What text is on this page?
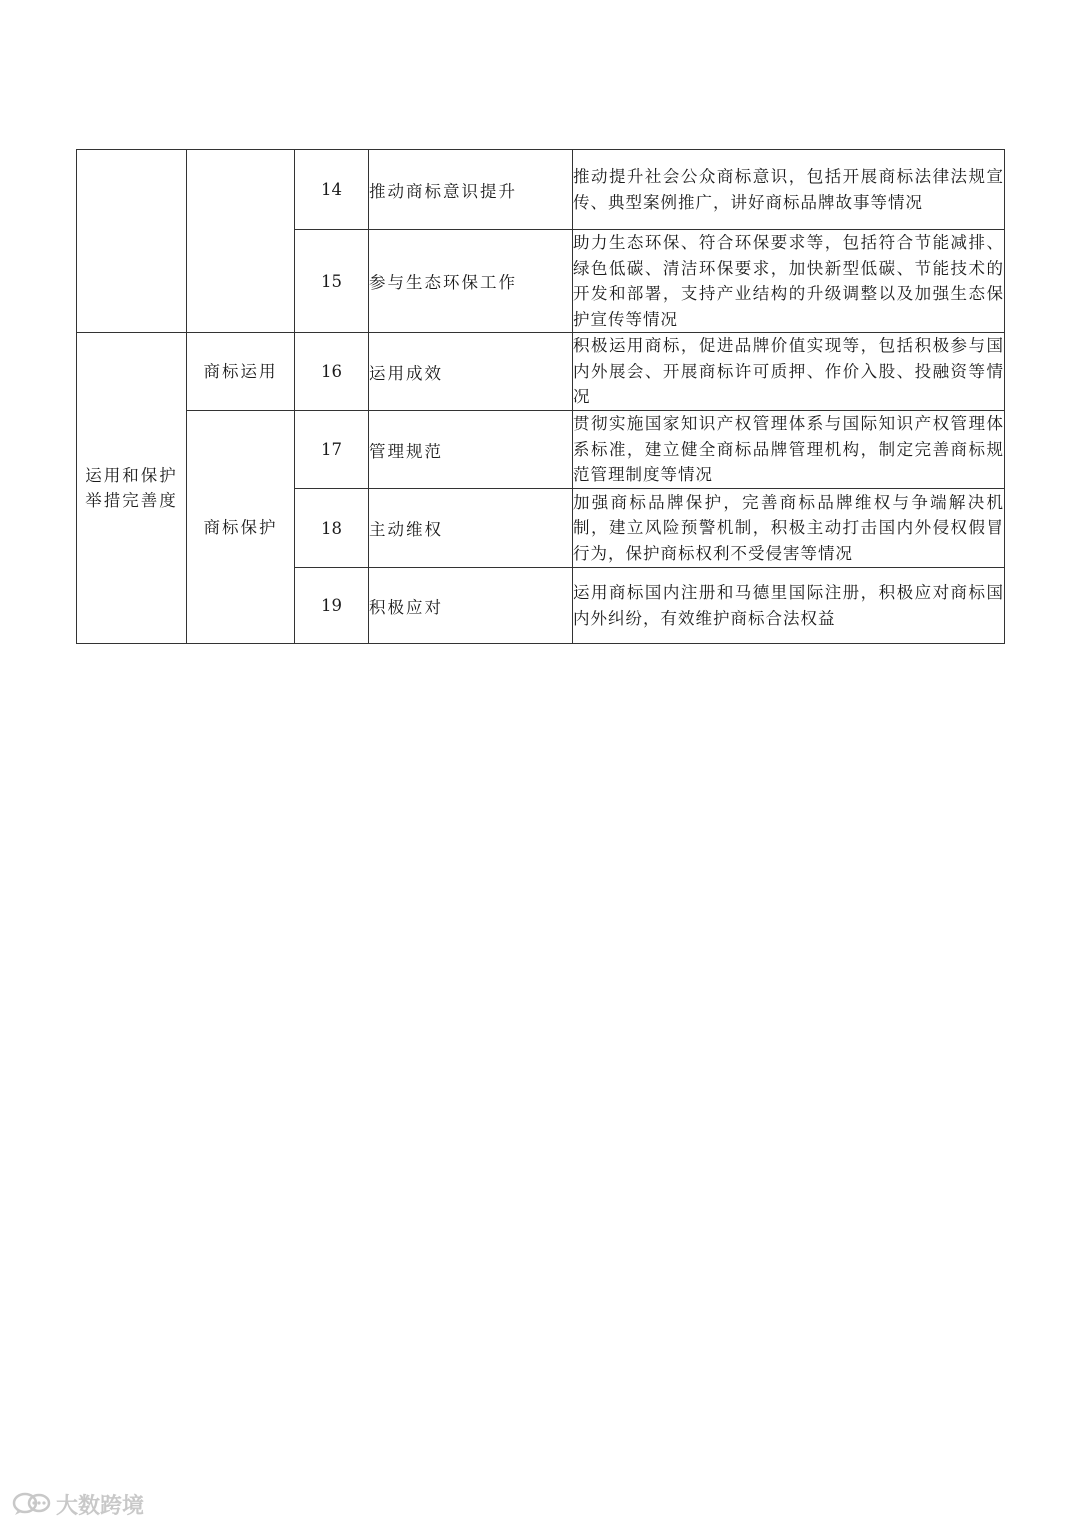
		14	推动商标意识提升	推动提升社会公众商标意识，包括开展商标法律法规宣传、典型案例推广，讲好商标品牌故事等情况
		15	参与生态环保工作	助力生态环保、符合环保要求等，包括符合节能减排、绿色低碳、清洁环保要求，加快新型低碳、节能技术的开发和部署，支持产业结构的升级调整以及加强生态保护宣传等情况
运用和保护举措完善度	商标运用	16	运用成效	积极运用商标，促进品牌价值实现等，包括积极参与国内外展会、开展商标许可质押、作价入股、投融资等情况
	商标保护	17	管理规范	贯彻实施国家知识产权管理体系与国际知识产权管理体系标准，建立健全商标品牌管理机构，制定完善商标规范管理制度等情况
		18	主动维权	加强商标品牌保护，完善商标品牌维权与争端解决机制，建立风险预警机制，积极主动打击国内外侵权假冒行为，保护商标权利不受侵害等情况
		19	积极应对	运用商标国内注册和马德里国际注册，积极应对商标国内外纠纷，有效维护商标合法权益
大数跨境
